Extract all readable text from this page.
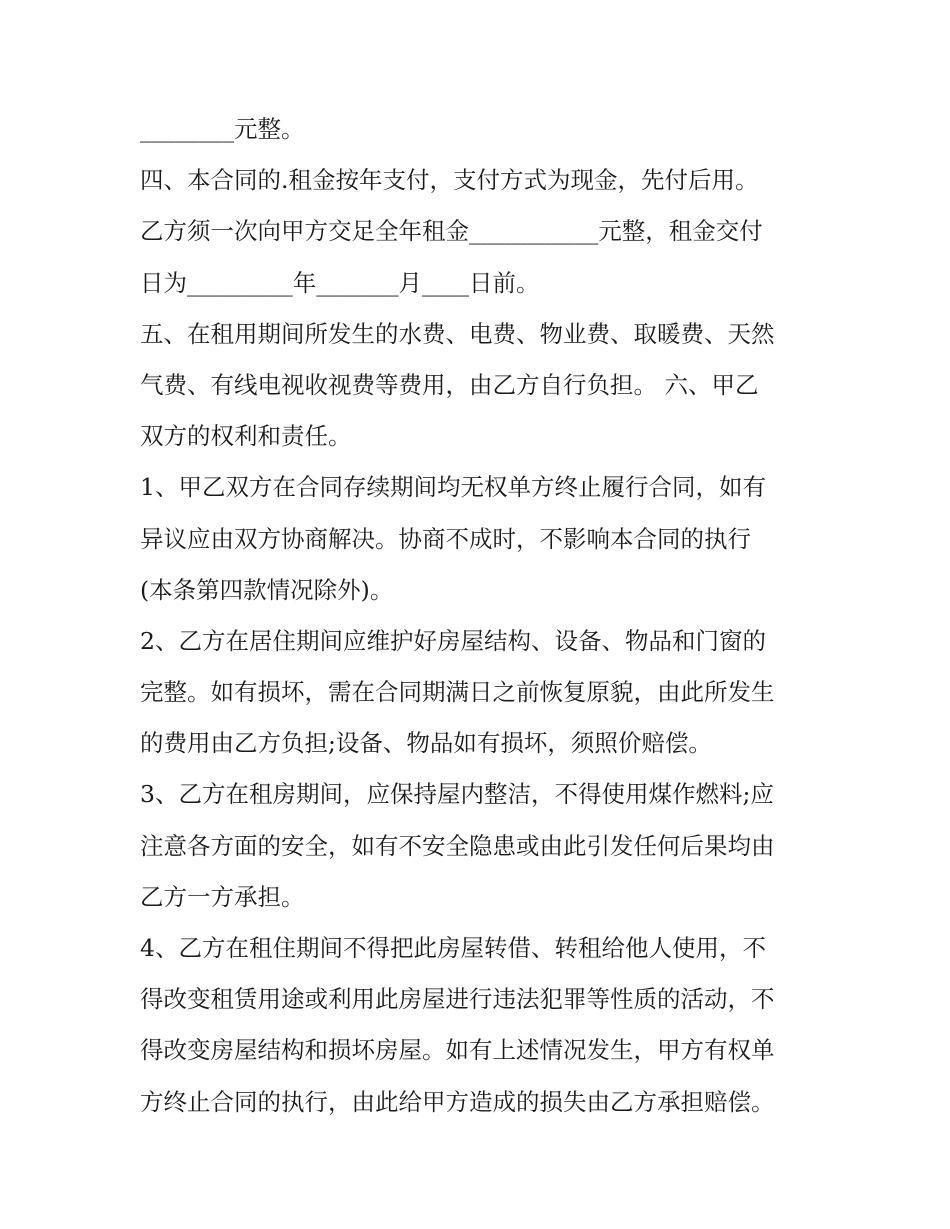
________元整。
四、本合同的.租金按年支付，支付方式为现金，先付后用。
乙方须一次向甲方交足全年租金___________元整，租金交付
日为_________年_______月____日前。
五、在租用期间所发生的水费、电费、物业费、取暖费、天然
气费、有线电视收视费等费用，由乙方自行负担。 六、甲乙
双方的权利和责任。
1、甲乙双方在合同存续期间均无权单方终止履行合同，如有
异议应由双方协商解决。协商不成时，不影响本合同的执行
(本条第四款情况除外)。
2、乙方在居住期间应维护好房屋结构、设备、物品和门窗的
完整。如有损坏，需在合同期满日之前恢复原貌，由此所发生
的费用由乙方负担;设备、物品如有损坏，须照价赔偿。
3、乙方在租房期间，应保持屋内整洁，不得使用煤作燃料;应
注意各方面的安全，如有不安全隐患或由此引发任何后果均由
乙方一方承担。
4、乙方在租住期间不得把此房屋转借、转租给他人使用，不
得改变租赁用途或利用此房屋进行违法犯罪等性质的活动，不
得改变房屋结构和损坏房屋。如有上述情况发生，甲方有权单
方终止合同的执行，由此给甲方造成的损失由乙方承担赔偿。
